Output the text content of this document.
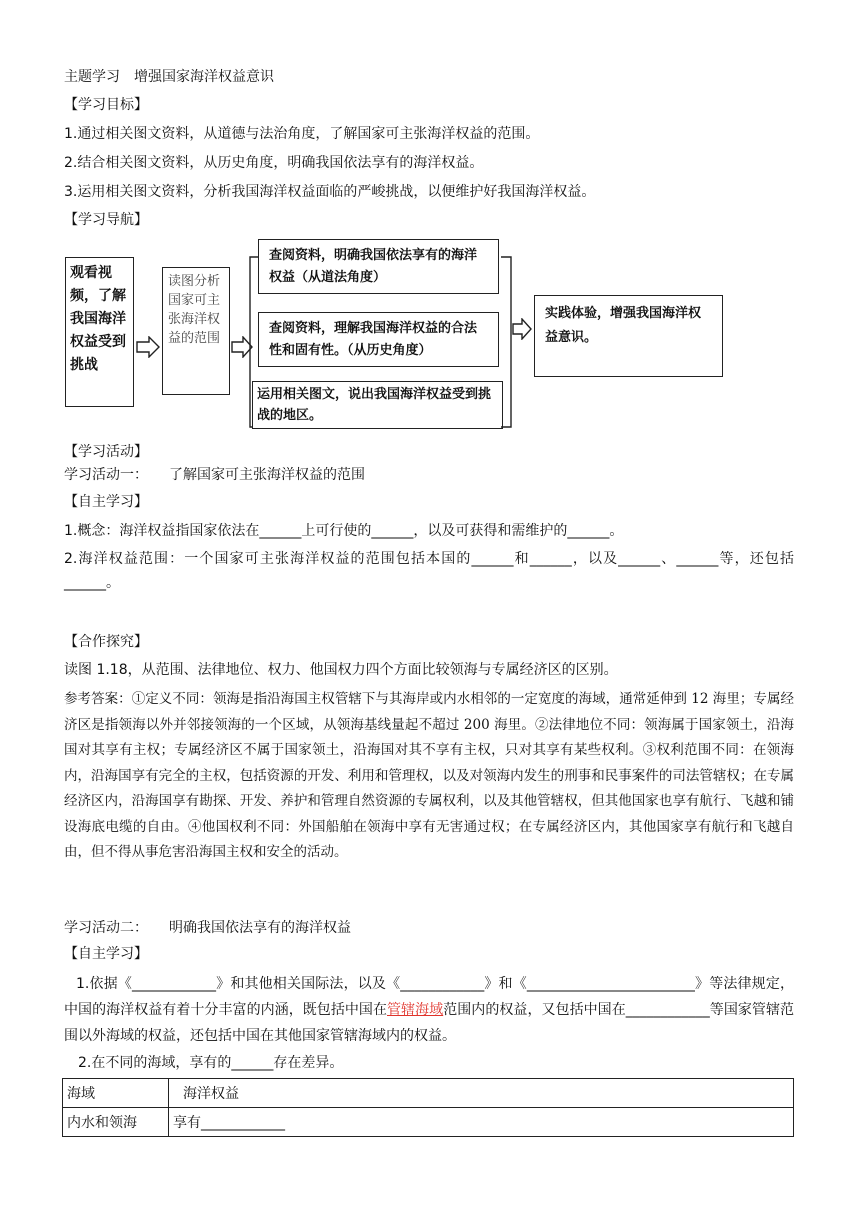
主题学习　增强国家海洋权益意识
【学习目标】
1.通过相关图文资料，从道德与法治角度，了解国家可主张海洋权益的范围。
2.结合相关图文资料，从历史角度，明确我国依法享有的海洋权益。
3.运用相关图文资料，分析我国海洋权益面临的严峻挑战，以便维护好我国海洋权益。
【学习导航】
观看视频，了解我国海洋权益受到挑战
读图分析国家可主张海洋权益的范围
查阅资料，明确我国依法享有的海洋权益（从道法角度）
查阅资料，理解我国海洋权益的合法性和固有性。（从历史角度）
运用相关图文，说出我国海洋权益受到挑战的地区。
实践体验，增强我国海洋权益意识。
【学习活动】
学习活动一：　　了解国家可主张海洋权益的范围
【自主学习】
1.概念：海洋权益指国家依法在______上可行使的______，以及可获得和需维护的______。
2.海洋权益范围：一个国家可主张海洋权益的范围包括本国的______和______，以及______、______等，还包括______。
【合作探究】
读图 1.18，从范围、法律地位、权力、他国权力四个方面比较领海与专属经济区的区别。
参考答案：①定义不同：领海是指沿海国主权管辖下与其海岸或内水相邻的一定宽度的海域，通常延伸到 12 海里；专属经济区是指领海以外并邻接领海的一个区域，从领海基线量起不超过 200 海里。②法律地位不同：领海属于国家领土，沿海国对其享有主权；专属经济区不属于国家领土，沿海国对其不享有主权，只对其享有某些权利。③权利范围不同：在领海内，沿海国享有完全的主权，包括资源的开发、利用和管理权，以及对领海内发生的刑事和民事案件的司法管辖权；在专属经济区内，沿海国享有勘探、开发、养护和管理自然资源的专属权利，以及其他管辖权，但其他国家也享有航行、飞越和铺设海底电缆的自由。④他国权利不同：外国船舶在领海中享有无害通过权；在专属经济区内，其他国家享有航行和飞越自由，但不得从事危害沿海国主权和安全的活动。
学习活动二：　　明确我国依法享有的海洋权益
【自主学习】
1.依据《____________》和其他相关国际法，以及《____________》和《________________________》等法律规定，中国的海洋权益有着十分丰富的内涵，既包括中国在管辖海域范围内的权益，又包括中国在____________等国家管辖范围以外海域的权益，还包括中国在其他国家管辖海域内的权益。
2.在不同的海域，享有的______存在差异。
海域	海洋权益
内水和领海	享有____________
